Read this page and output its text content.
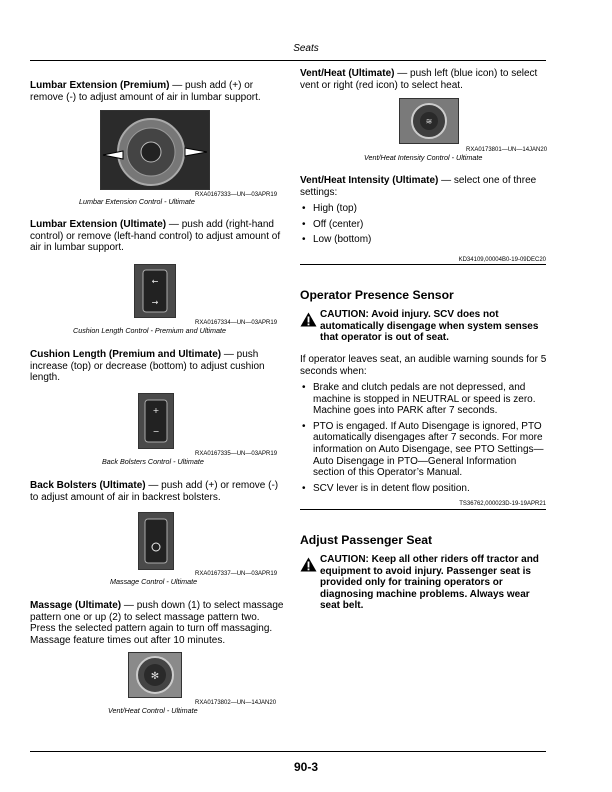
Seats
Lumbar Extension (Premium) — push add (+) or remove (-) to adjust amount of air in lumbar support.
RXA0167333—UN—03APR19
Lumbar Extension Control - Ultimate
Lumbar Extension (Ultimate) — push add (right-hand control) or remove (left-hand control) to adjust amount of air in lumbar support.
←
→
RXA0167334—UN—03APR19
Cushion Length Control - Premium and Ultimate
Cushion Length (Premium and Ultimate) — push increase (top) or decrease (bottom) to adjust cushion length.
+
−
RXA0167335—UN—03APR19
Back Bolsters Control - Ultimate
Back Bolsters (Ultimate) — push add (+) or remove (-) to adjust amount of air in backrest bolsters.
RXA0167337—UN—03APR19
Massage Control - Ultimate
Massage (Ultimate) — push down (1) to select massage pattern one or up (2) to select massage pattern two. Press the selected pattern again to turn off massaging. Massage feature times out after 10 minutes.
✻
RXA0173802—UN—14JAN20
Vent/Heat Control - Ultimate
Vent/Heat (Ultimate) — push left (blue icon) to select vent or right (red icon) to select heat.
≋
RXA0173801—UN—14JAN20
Vent/Heat Intensity Control - Ultimate
Vent/Heat Intensity (Ultimate) — select one of three settings:
• High (top)
• Off (center)
• Low (bottom)
KD34109,00004B0-19-09DEC20
Operator Presence Sensor
CAUTION: Avoid injury. SCV does not automatically disengage when system senses that operator is out of seat.
If operator leaves seat, an audible warning sounds for 5 seconds when:
• Brake and clutch pedals are not depressed, and machine is stopped in NEUTRAL or speed is zero. Machine goes into PARK after 7 seconds.
• PTO is engaged. If Auto Disengage is ignored, PTO automatically disengages after 7 seconds. For more information on Auto Disengage, see PTO Settings—Auto Disengage in PTO—General Information section of this Operator’s Manual.
• SCV lever is in detent flow position.
TS36762,000023D-19-19APR21
Adjust Passenger Seat
CAUTION: Keep all other riders off tractor and equipment to avoid injury. Passenger seat is provided only for training operators or diagnosing machine problems. Always wear seat belt.
90-3
